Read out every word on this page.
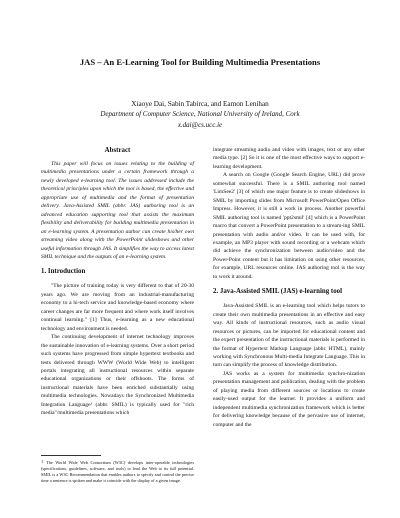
JAS – An E-Learning Tool for Building Multimedia Presentations
Xiaoye Dai, Sabin Tabirca, and Eamon Lenihan
Department of Computer Science, National University of Ireland, Cork
x.dai@cs.ucc.ie
Abstract

This paper will focus on issues relating to the building of multimedia presentations under a certain framework through a newly developed e-learning tool. The issues addressed include the theoretical principles upon which the tool is based, the effective and appropriate use of multimedia and the format of presentation delivery. Java-Assisted SMIL (abbr. JAS) authoring tool is an advanced education supporting tool that assists the maximum flexibility and deliverability for building multimedia presentation in an e-learning system. A presentation author can create his/her own streaming video along with the PowerPoint slideshows and other useful information through JAS. It simplifies the way to access latest SMIL technique and the outputs of an e-learning system.

1. Introduction

"The picture of training today is very different to that of 20-30 years ago. We are moving from an industrial-manufacturing economy to a hi-tech service and knowledge-based economy where career changes are far more frequent and where work itself involves continual learning." [1] Thus, e-learning as a new educational technology and environment is needed.

The continuing development of internet technology improves the sustainable innovation of e-learning systems. Over a short period such systems have progressed from simple hypertext textbooks and tests delivered through WWW (World Wide Web) to intelligent portals integrating all instructional resources within separate educational organizations or their offshoots. The forms of instructional materials have been enriched substantially using multimedia technologies. Nowadays the Synchronized Multimedia Integration Language¹ (abbr. SMIL) is typically used for "rich media"/multimedia presentations which

integrate streaming audio and video with images, text or any other media type. [2] So it is one of the most effective ways to support e-learning development.

A search on Google (Google Search Engine, URL) did prove somewhat successful. There is a SMIL authoring tool named 'LimSee2' [3] of which one major feature is to create slideshows in SMIL by importing slides from Microsoft PowerPoint/Open Office Impress. However, it is still a work in process. Another powerful SMIL authoring tool is named 'ppt2smil' [4] which is a PowerPoint macro that convert a PowerPoint presentation to a stream-ing SMIL presentation with audio and/or video. It can be used with, for example, an MP3 player with sound recording or a webcam which did achieve the synchronization between audio/video and the Power-Point content but it has limitation on using other resources, for example, URL resources online. JAS authoring tool is the way to work it around.

2. Java-Assisted SMIL (JAS) e-learning tool

Java-Assisted SMIL is an e-learning tool which helps tutors to create their own multimedia presentations in an effective and easy way. All kinds of instructional resources, such as audio visual resources or pictures, can be imported for educational content and the expert presentation of the instructional materials is performed in the format of Hypertext Markup Language (abbr. HTML), mainly working with Synchronous Multi-media Integrate Language. This in turn can simplify the process of knowledge distribution.

JAS works as a system for multimedia synchro-nization presentation management and publication, dealing with the problem of playing media from different sources or locations to create easily-used output for the learner. It provides a uniform and independent multimedia synchronization framework which is better for delivering knowledge because of the pervasive use of internet, computer and the

1 The World Wide Web Consortium (W3C) develops inter-operable technologies (specifications, guidelines, software, and tools) to lead the Web to its full potential. SMIL is a W3C Recommendation that enables authors to specify and control the precise time a sentence is spoken and make it coincide with the display of a given image.
